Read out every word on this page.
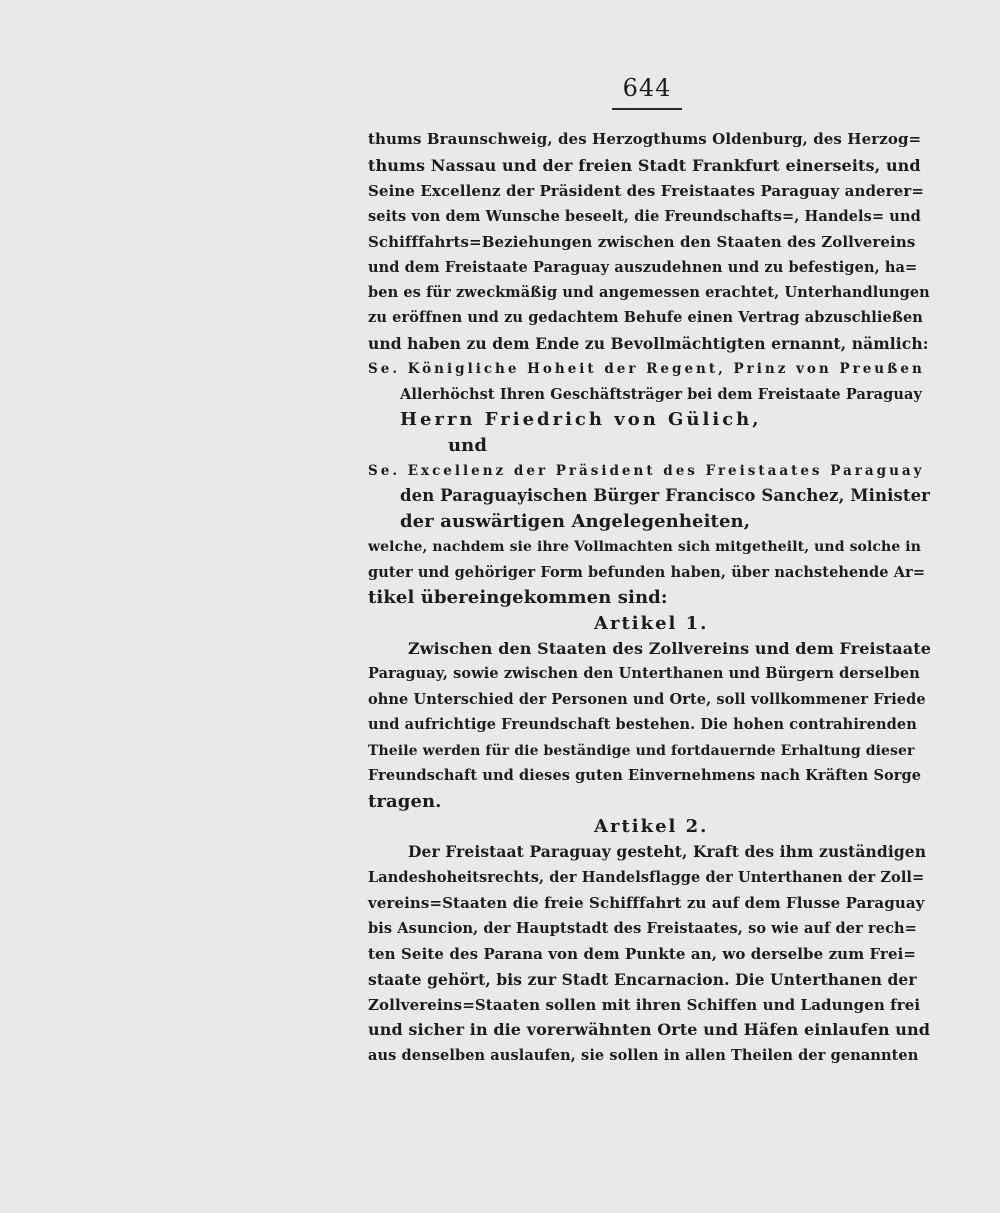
644
thums Braunschweig, des Herzogthums Oldenburg, des Herzog=
thums Nassau und der freien Stadt Frankfurt einerseits, und
Seine Excellenz der Präsident des Freistaates Paraguay anderer=
seits von dem Wunsche beseelt, die Freundschafts=, Handels= und
Schifffahrts=Beziehungen zwischen den Staaten des Zollvereins
und dem Freistaate Paraguay auszudehnen und zu befestigen, ha=
ben es für zweckmäßig und angemessen erachtet, Unterhandlungen
zu eröffnen und zu gedachtem Behufe einen Vertrag abzuschließen
und haben zu dem Ende zu Bevollmächtigten ernannt, nämlich:
Se. Königliche Hoheit der Regent, Prinz von Preußen
Allerhöchst Ihren Geschäftsträger bei dem Freistaate Paraguay
Herrn Friedrich von Gülich,
und
Se. Excellenz der Präsident des Freistaates Paraguay
den Paraguayischen Bürger Francisco Sanchez, Minister
der auswärtigen Angelegenheiten,
welche, nachdem sie ihre Vollmachten sich mitgetheilt, und solche in
guter und gehöriger Form befunden haben, über nachstehende Ar=
tikel übereingekommen sind:
Artikel 1.
Zwischen den Staaten des Zollvereins und dem Freistaate
Paraguay, sowie zwischen den Unterthanen und Bürgern derselben
ohne Unterschied der Personen und Orte, soll vollkommener Friede
und aufrichtige Freundschaft bestehen. Die hohen contrahirenden
Theile werden für die beständige und fortdauernde Erhaltung dieser
Freundschaft und dieses guten Einvernehmens nach Kräften Sorge
tragen.
Artikel 2.
Der Freistaat Paraguay gesteht, Kraft des ihm zuständigen
Landeshoheitsrechts, der Handelsflagge der Unterthanen der Zoll=
vereins=Staaten die freie Schifffahrt zu auf dem Flusse Paraguay
bis Asuncion, der Hauptstadt des Freistaates, so wie auf der rech=
ten Seite des Parana von dem Punkte an, wo derselbe zum Frei=
staate gehört, bis zur Stadt Encarnacion. Die Unterthanen der
Zollvereins=Staaten sollen mit ihren Schiffen und Ladungen frei
und sicher in die vorerwähnten Orte und Häfen einlaufen und
aus denselben auslaufen, sie sollen in allen Theilen der genannten
